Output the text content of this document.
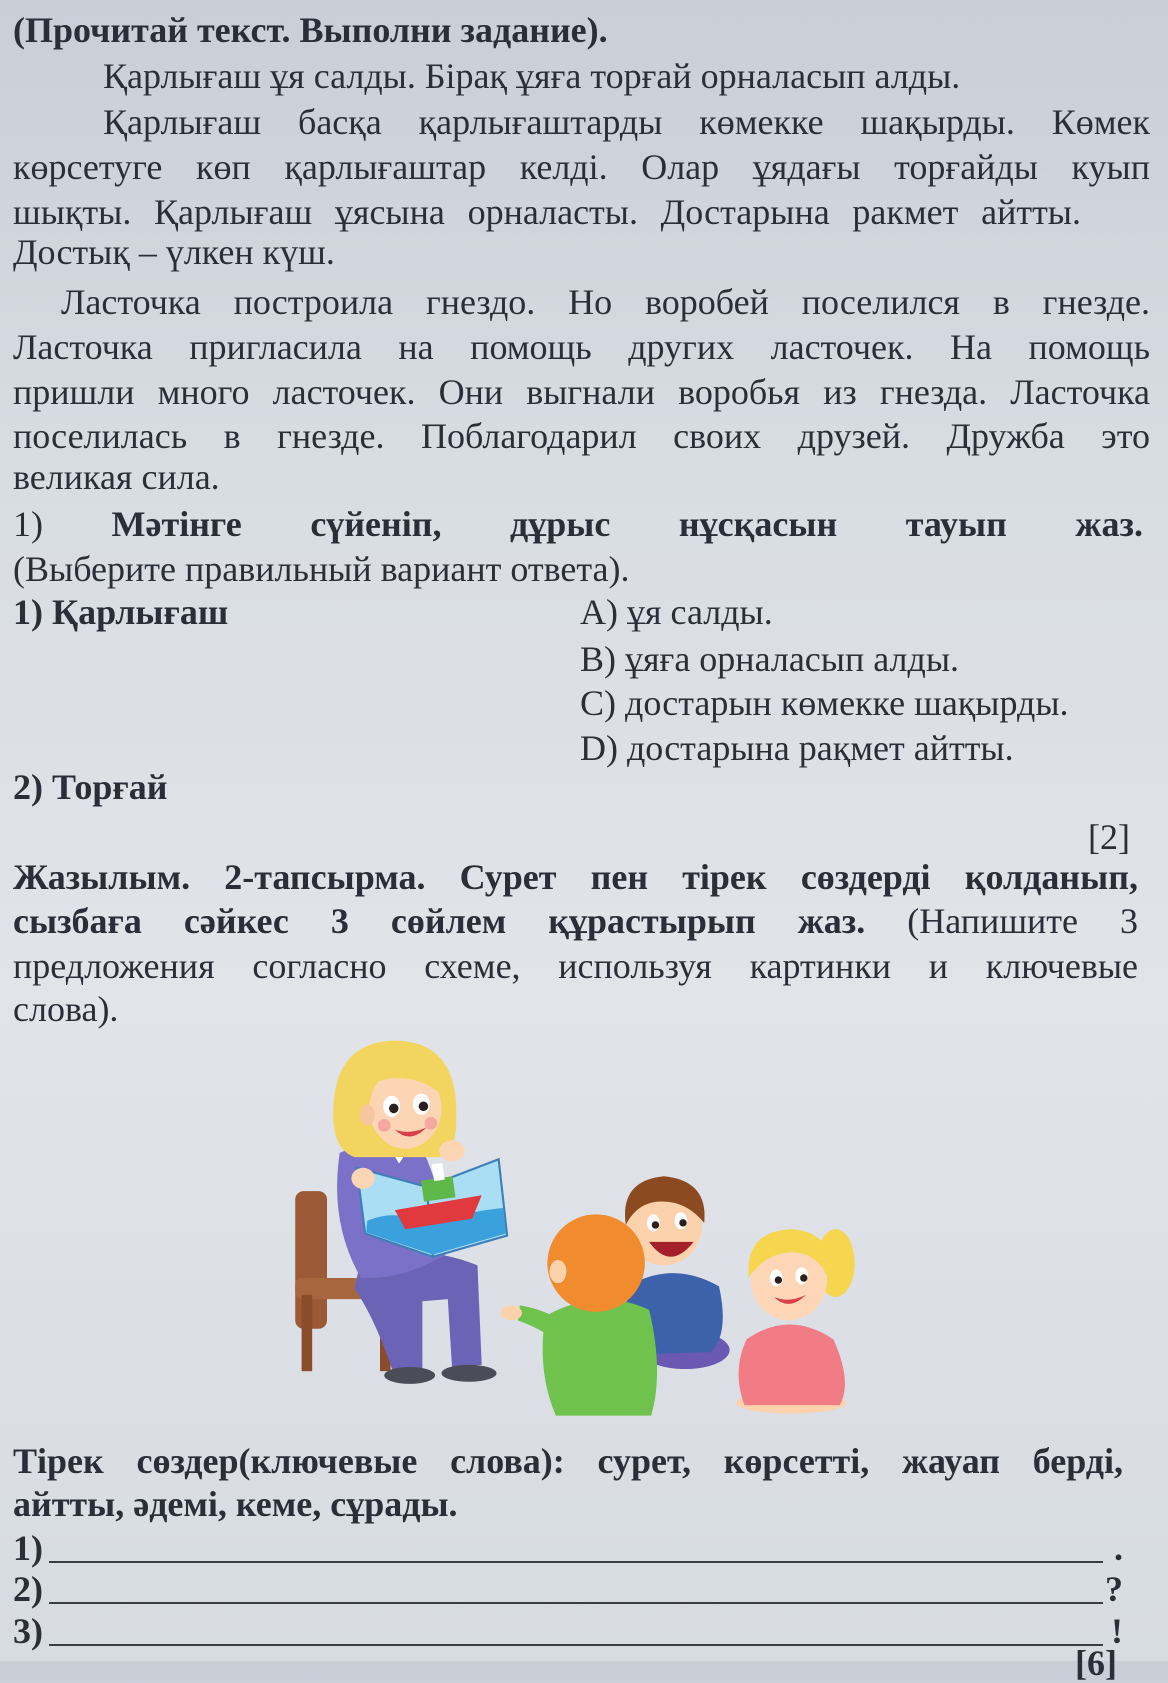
(Прочитай текст. Выполни задание).
Қарлығаш ұя салды. Бірақ ұяға торғай орналасып алды.
Қарлығаш басқа қарлығаштарды көмекке шақырды. Көмек
көрсетуге көп қарлығаштар келді. Олар ұядағы торғайды куып
шықты. Қарлығаш ұясына орналасты. Достарына ракмет айтты.
Достық – үлкен күш.
Ласточка построила гнездо. Но воробей поселился в гнезде.
Ласточка пригласила на помощь других ласточек. На помощь
пришли много ласточек. Они выгнали воробья из гнезда. Ласточка
поселилась в гнезде. Поблагодарил своих друзей. Дружба это
великая сила.
1) Мәтінге сүйеніп, дұрыс нұсқасын тауып жаз.
(Выберите правильный вариант ответа).
1) Қарлығаш	A) ұя салды.
B) ұяға орналасып алды.
C) достарын көмекке шақырды.
D) достарына рақмет айтты.
2) Торғай
[2]
Жазылым. 2-тапсырма. Сурет пен тірек сөздерді қолданып,
сызбаға сәйкес 3 сөйлем құрастырып жаз. (Напишите 3
предложения согласно схеме, используя картинки и ключевые
слова).
Тірек сөздер(ключевые слова): сурет, көрсетті, жауап берді,
айтты, әдемі, кеме, сұрады.
1)	.
2)	?
3)	!
[6]
